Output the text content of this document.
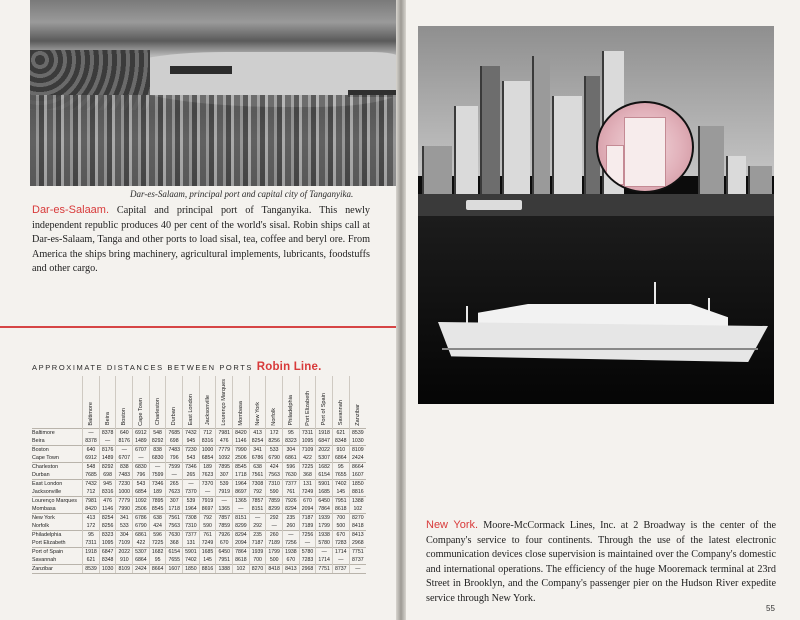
Dar-es-Salaam, principal port and capital city of Tanganyika.

Dar-es-Salaam. Capital and principal port of Tanganyika. This newly independent republic produces 40 per cent of the world's sisal. Robin ships call at Dar-es-Salaam, Tanga and other ports to load sisal, tea, coffee and beryl ore. From America the ships bring machinery, agricultural implements, lubricants, foodstuffs and other cargo.

APPROXIMATE DISTANCES BETWEEN PORTS Robin Line.

	Baltimore	Beira	Boston	Cape Town	Charleston	Durban	East London	Jacksonville	Lourenço Marques	Mombasa	New York	Norfolk	Philadelphia	Port Elizabeth	Port of Spain	Savannah	Zanzibar

Baltimore	—	8378	640	6912	548	7685	7432	712	7981	8420	413	172	95	7311	1918	621	8539
Beira	8378	—	8176	1489	8292	698	945	8316	476	1146	8254	8256	8323	1095	6847	8348	1030
Boston	640	8176	—	6707	838	7483	7230	1000	7779	7990	341	533	304	7109	2022	910	8109
Cape Town	6912	1489	6707	—	6830	796	543	6854	1092	2506	6786	6790	6861	422	5307	6864	2424
Charleston	548	8292	838	6830	—	7599	7346	189	7895	8545	638	424	596	7225	1682	95	8664
Durban	7685	698	7483	796	7599	—	265	7623	307	1718	7561	7563	7630	368	6154	7655	1607
East London	7432	945	7230	543	7346	265	—	7370	539	1964	7308	7310	7377	131	5901	7402	1850
Jacksonville	712	8316	1000	6854	189	7623	7370	—	7919	8697	792	590	761	7249	1685	145	8816
Lourenço Marques	7981	476	7779	1092	7895	307	539	7919	—	1365	7857	7859	7926	670	6450	7951	1388
Mombasa	8420	1146	7990	2506	8545	1718	1964	8697	1365	—	8151	8299	8294	2094	7864	8618	102
New York	413	8254	341	6786	638	7561	7308	792	7857	8151	—	292	235	7187	1939	700	8270
Norfolk	172	8256	533	6790	424	7563	7310	590	7859	8299	292	—	260	7189	1799	500	8418
Philadelphia	95	8323	304	6861	596	7630	7377	761	7926	8294	235	260	—	7256	1938	670	8413
Port Elizabeth	7311	1095	7109	422	7225	368	131	7249	670	2094	7187	7189	7256	—	5780	7283	2968
Port of Spain	1918	6847	2022	5307	1682	6154	5901	1685	6450	7864	1939	1799	1938	5780	—	1714	7751
Savannah	621	8348	910	6864	95	7655	7402	145	7951	8618	700	500	670	7283	1714	—	8737
Zanzibar	8539	1030	8109	2424	8664	1607	1850	8816	1388	102	8270	8418	8413	2968	7751	8737	—

New York. Moore-McCormack Lines, Inc. at 2 Broadway is the center of the Company's service to four continents. Through the use of the latest electronic communication devices close supervision is maintained over the Company's domestic and international operations. The efficiency of the huge Mooremack terminal at 23rd Street in Brooklyn, and the Company's passenger pier on the Hudson River expedite service through New York.

55
